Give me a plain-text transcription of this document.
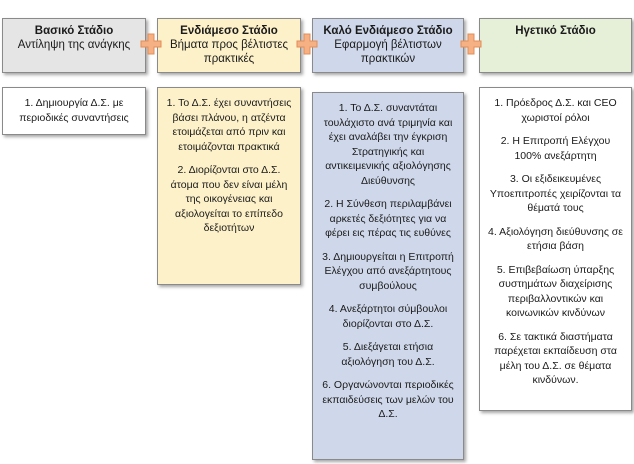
Βασικό Στάδιο
Αντίληψη της ανάγκης
Ενδιάμεσο Στάδιο
Βήματα προς βέλτιστες πρακτικές
Καλό Ενδιάμεσο Στάδιο
Εφαρμογή βέλτιστων πρακτικών
Ηγετικό Στάδιο
1. Δημιουργία Δ.Σ. με περιοδικές συναντήσεις
1. Το Δ.Σ. έχει συναντήσεις βάσει πλάνου, η ατζέντα ετοιμάζεται από πριν και ετοιμάζονται πρακτικά
2. Διορίζονται στο Δ.Σ. άτομα που δεν είναι μέλη της οικογένειας και αξιολογείται το επίπεδο δεξιοτήτων
1. Το Δ.Σ. συναντάται τουλάχιστο ανά τριμηνία και έχει αναλάβει την έγκριση Στρατηγικής και αντικειμενικής αξιολόγησης Διεύθυνσης
2. Η Σύνθεση περιλαμβάνει αρκετές δεξιότητες για να φέρει εις πέρας τις ευθύνες
3. Δημιουργείται η Επιτροπή Ελέγχου από ανεξάρτητους συμβούλους
4. Ανεξάρτητοι σύμβουλοι διορίζονται στο Δ.Σ.
5. Διεξάγεται ετήσια αξιολόγηση του Δ.Σ.
6. Οργανώνονται περιοδικές εκπαιδεύσεις των μελών του Δ.Σ.
1. Πρόεδρος Δ.Σ. και CEO χωριστοί ρόλοι
2. Η Επιτροπή Ελέγχου 100% ανεξάρτητη
3. Οι εξιδεικευμένες Υποεπιτροπές χειρίζονται τα θέματά τους
4. Αξιολόγηση διεύθυνσης σε ετήσια βάση
5. Επιβεβαίωση ύπαρξης συστημάτων διαχείρισης περιβαλλοντικών και κοινωνικών κινδύνων
6. Σε τακτικά διαστήματα παρέχεται εκπαίδευση στα μέλη του Δ.Σ. σε θέματα κινδύνων.
